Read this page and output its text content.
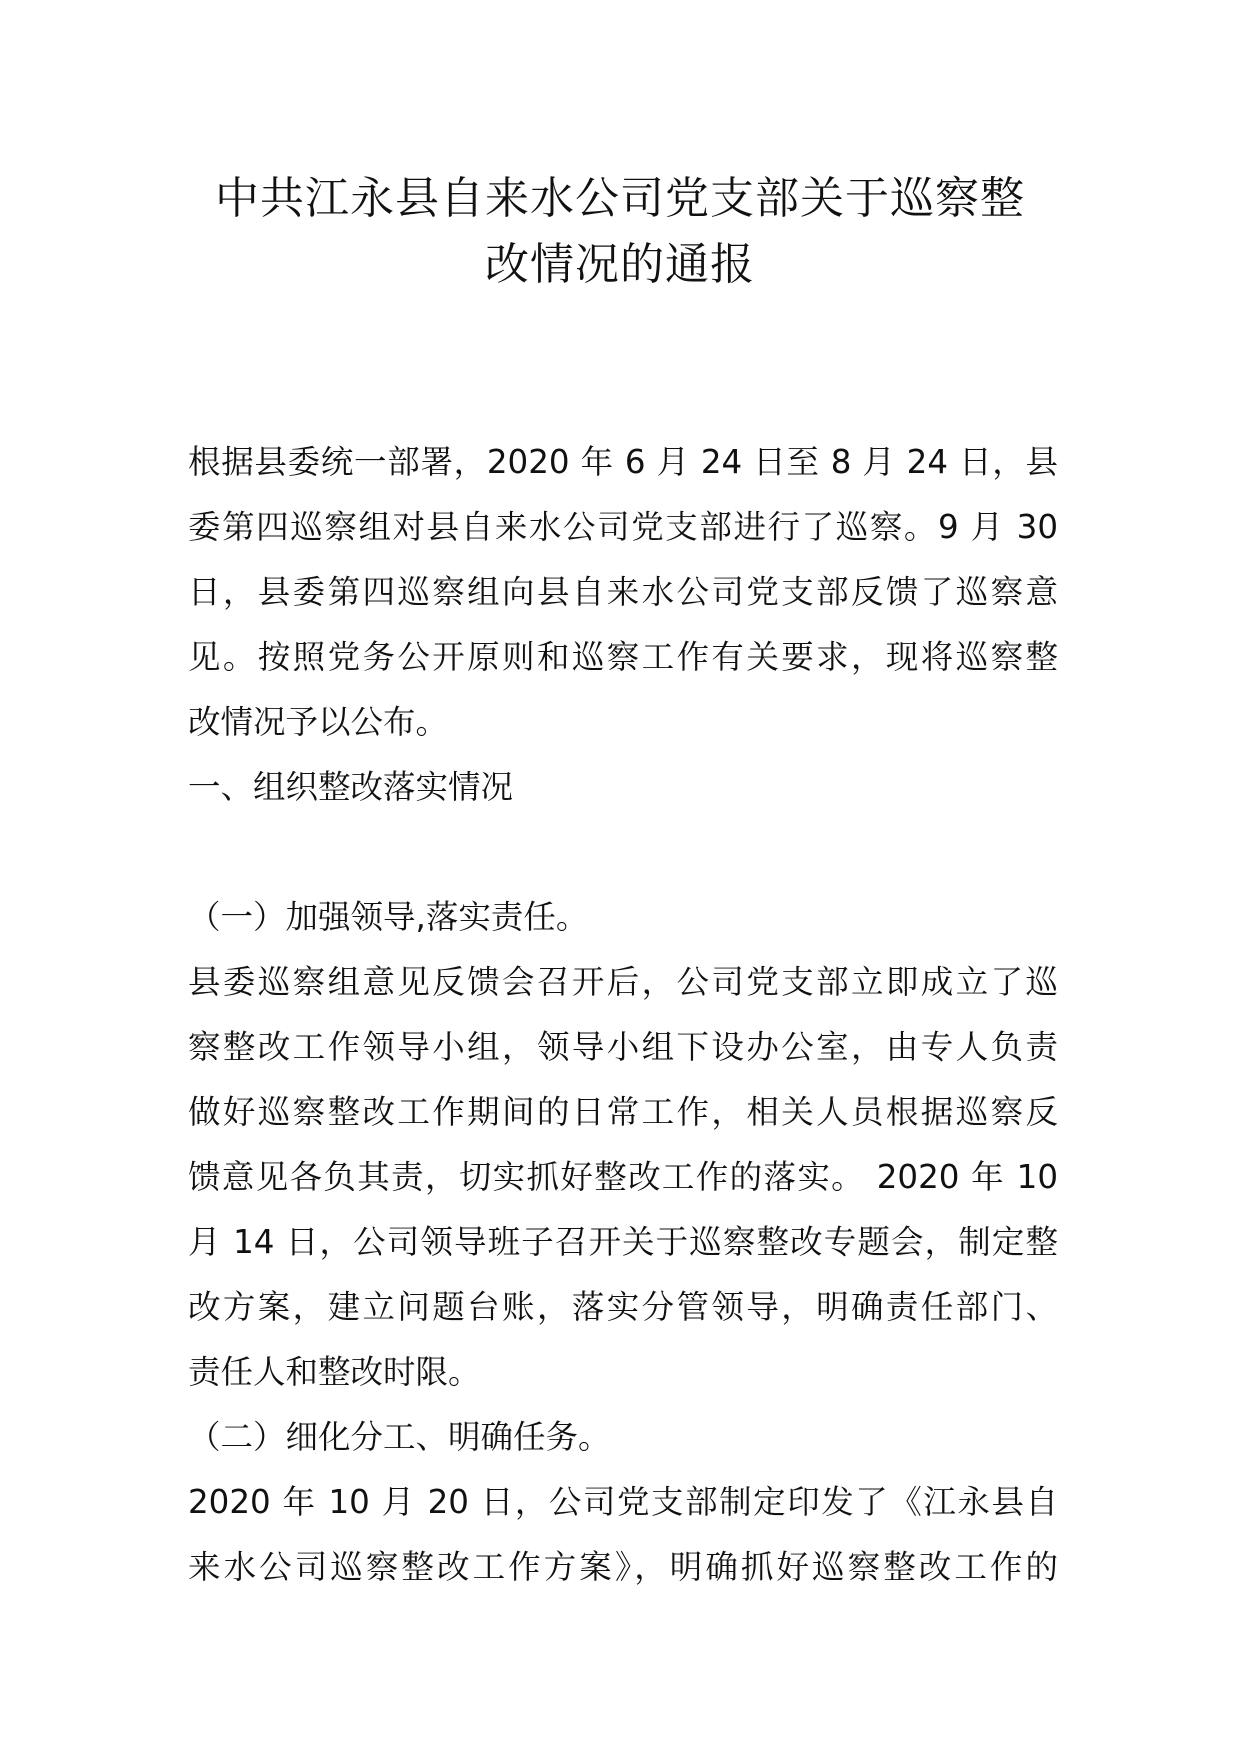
中共江永县自来水公司党支部关于巡察整
改情况的通报

根据县委统一部署，2020 年 6 月 24 日至 8 月 24 日，县
委第四巡察组对县自来水公司党支部进行了巡察。9 月 30
日，县委第四巡察组向县自来水公司党支部反馈了巡察意
见。按照党务公开原则和巡察工作有关要求，现将巡察整
改情况予以公布。

一、组织整改落实情况

（一）加强领导,落实责任。

县委巡察组意见反馈会召开后，公司党支部立即成立了巡
察整改工作领导小组，领导小组下设办公室，由专人负责
做好巡察整改工作期间的日常工作，相关人员根据巡察反
馈意见各负其责，切实抓好整改工作的落实。 2020 年 10
月 14 日，公司领导班子召开关于巡察整改专题会，制定整
改方案，建立问题台账，落实分管领导，明确责任部门、
责任人和整改时限。

（二）细化分工、明确任务。

2020 年 10 月 20 日，公司党支部制定印发了《江永县自
来水公司巡察整改工作方案》，明确抓好巡察整改工作的
